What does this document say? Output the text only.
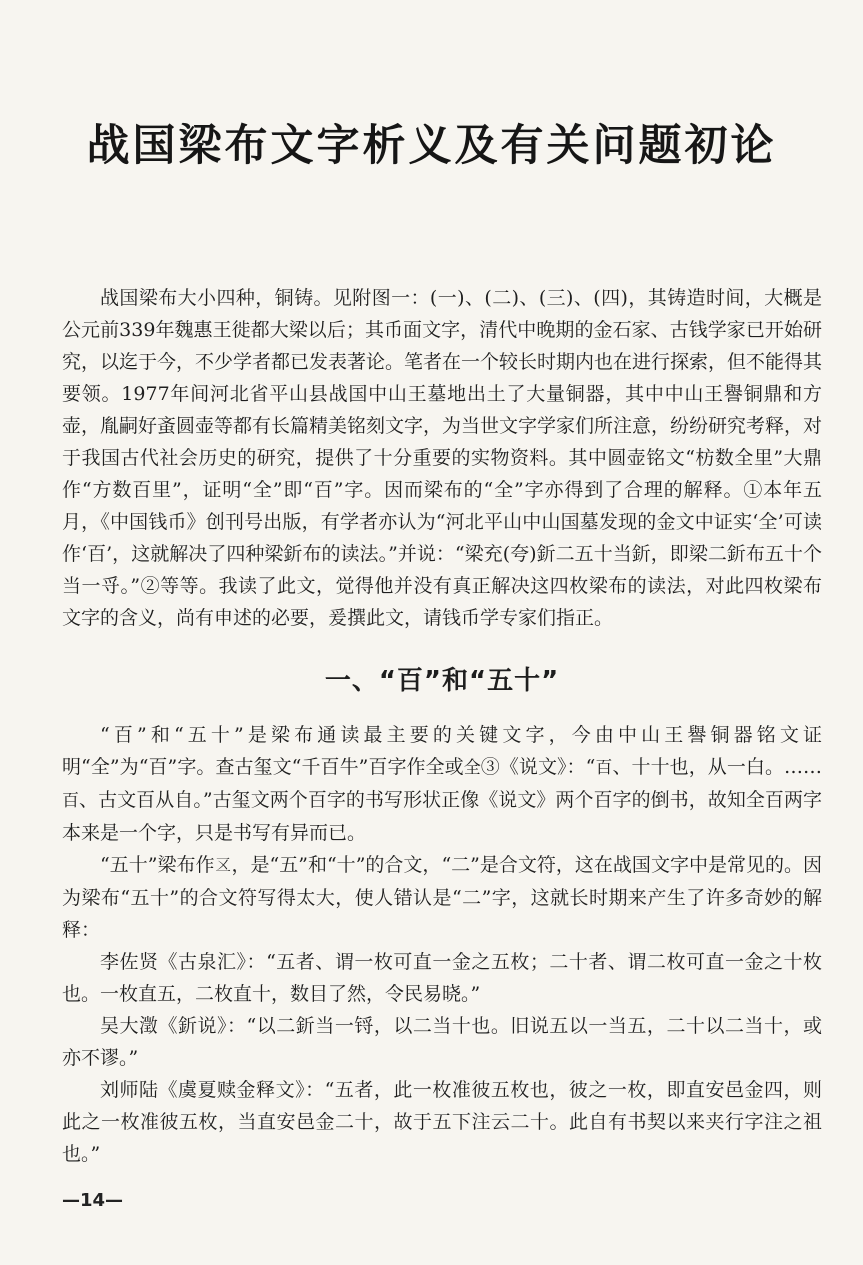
战国梁布文字析义及有关问题初论

战国梁布大小四种，铜铸。见附图一：(一)、(二)、(三)、(四)，其铸造时间，大概是公元前339年魏惠王徙都大梁以后；其币面文字，清代中晚期的金石家、古钱学家已开始研究，以迄于今，不少学者都已发表著论。笔者在一个较长时期内也在进行探索，但不能得其要领。1977年间河北省平山县战国中山王墓地出土了大量铜器，其中中山王譽铜鼎和方壶，胤嗣好蚉圆壶等都有长篇精美铭刻文字，为当世文字学家们所注意，纷纷研究考释，对于我国古代社会历史的研究，提供了十分重要的实物资料。其中圆壶铭文“枋数全里”大鼎作“方数百里”，证明“全”即“百”字。因而梁布的“全”字亦得到了合理的解释。①本年五月，《中国钱币》创刊号出版，有学者亦认为“河北平山中山国墓发现的金文中证实‘全’可读作‘百’，这就解决了四种梁釿布的读法。”并说：“梁充(夸)釿二五十当釿，即梁二釿布五十个当一寽。”②等等。我读了此文，觉得他并没有真正解决这四枚梁布的读法，对此四枚梁布文字的含义，尚有申述的必要，爰撰此文，请钱币学专家们指正。

一、“百”和“五十”

“百”和“五十”是梁布通读最主要的关键文字，今由中山王譽铜器铭文证明“全”为“百”字。查古玺文“千百牛”百字作全或全③《说文》：“百、十十也，从一白。……百、古文百从自。”古玺文两个百字的书写形状正像《说文》两个百字的倒书，故知全百两字本来是一个字，只是书写有异而已。

“五十”梁布作𠄡，是“五”和“十”的合文，“二”是合文符，这在战国文字中是常见的。因为梁布“五十”的合文符写得太大，使人错认是“二”字，这就长时期来产生了许多奇妙的解释：

李佐贤《古泉汇》：“五者、谓一枚可直一金之五枚；二十者、谓二枚可直一金之十枚也。一枚直五，二枚直十，数目了然，令民易晓。”

吴大澂《釿说》：“以二釿当一锊，以二当十也。旧说五以一当五，二十以二当十，或亦不谬。”

刘师陆《虞夏赎金释文》：“五者，此一枚准彼五枚也，彼之一枚，即直安邑金四，则此之一枚准彼五枚，当直安邑金二十，故于五下注云二十。此自有书契以来夹行字注之祖也。”

—14—
